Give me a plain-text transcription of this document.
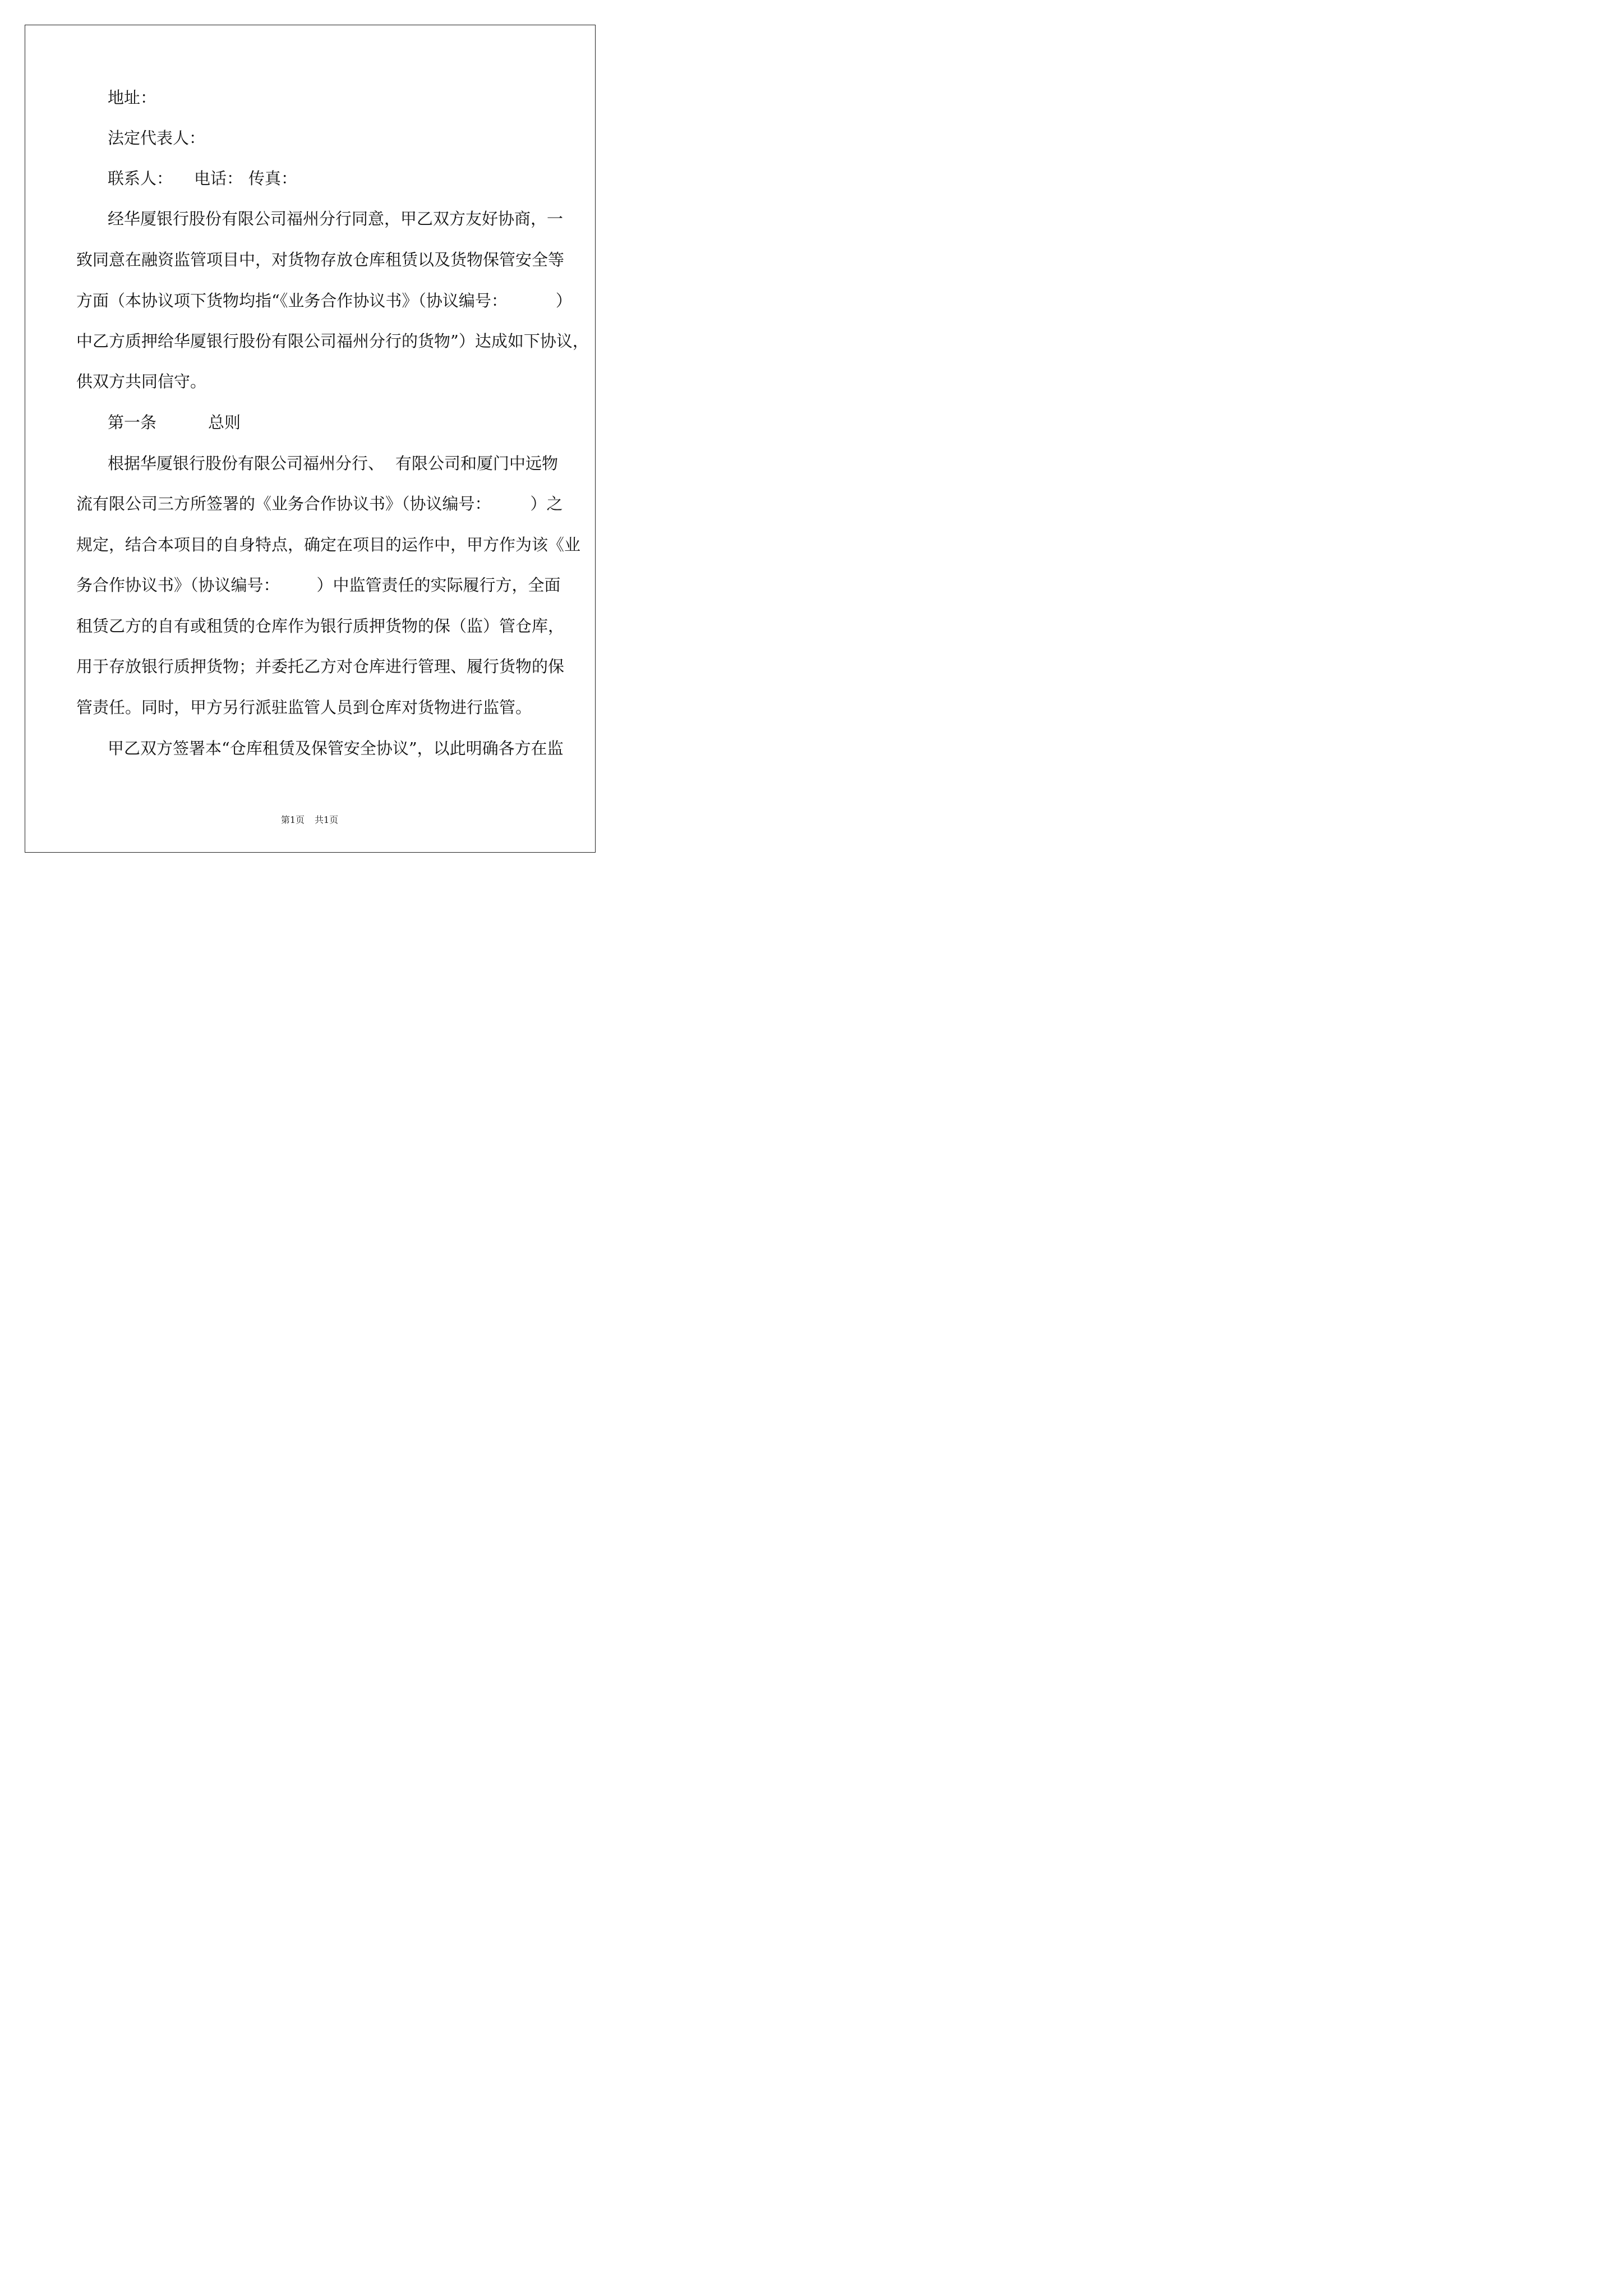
地址：
法定代表人：
联系人： 电话： 传真：
经华厦银行股份有限公司福州分行同意，甲乙双方友好协商，一
致同意在融资监管项目中，对货物存放仓库租赁以及货物保管安全等
方面（本协议项下货物均指“《业务合作协议书》（协议编号：	）
中乙方质押给华厦银行股份有限公司福州分行的货物”）达成如下协议，
供双方共同信守。
第一条	总则
根据华厦银行股份有限公司福州分行、 有限公司和厦门中远物
流有限公司三方所签署的《业务合作协议书》（协议编号： ）之
规定，结合本项目的自身特点，确定在项目的运作中，甲方作为该《业
务合作协议书》（协议编号： ）中监管责任的实际履行方，全面
租赁乙方的自有或租赁的仓库作为银行质押货物的保（监）管仓库，
用于存放银行质押货物；并委托乙方对仓库进行管理、履行货物的保
管责任。同时，甲方另行派驻监管人员到仓库对货物进行监管。
甲乙双方签署本“仓库租赁及保管安全协议”，以此明确各方在监
第1页 共1页
